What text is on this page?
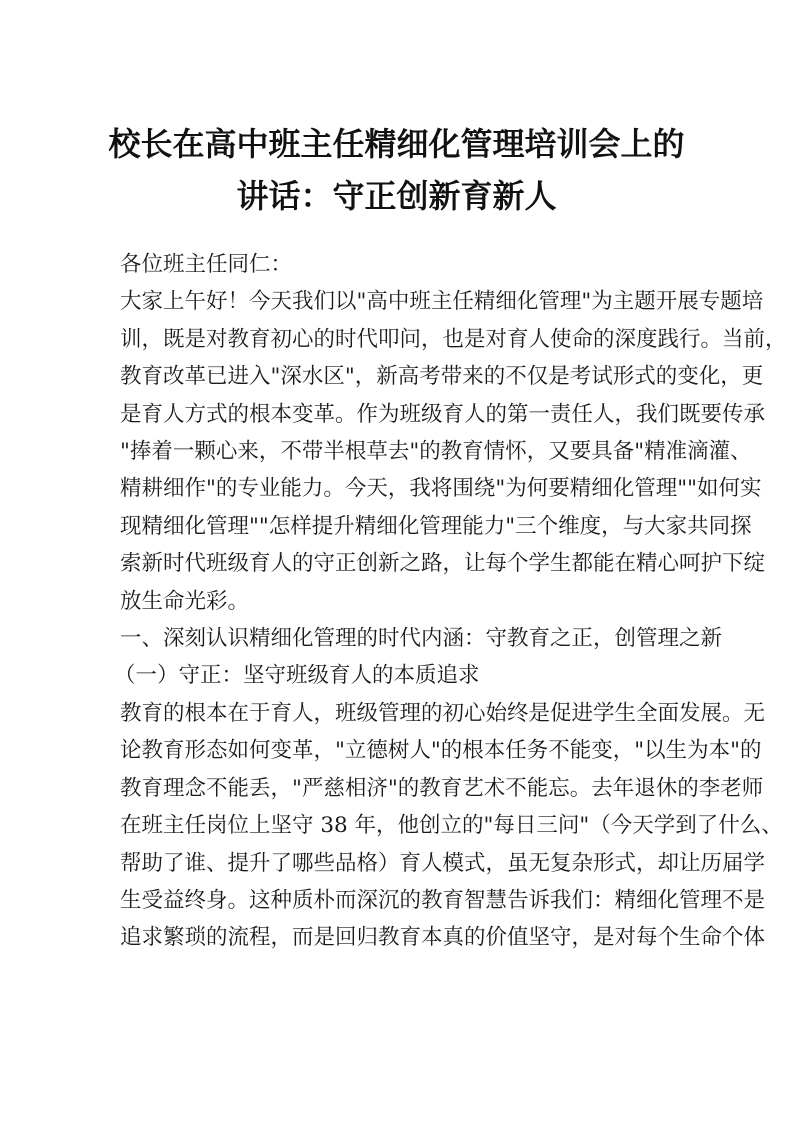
校长在高中班主任精细化管理培训会上的
讲话：守正创新育新人

各位班主任同仁：

大家上午好！今天我们以"高中班主任精细化管理"为主题开展专题培
训，既是对教育初心的时代叩问，也是对育人使命的深度践行。当前，
教育改革已进入"深水区"，新高考带来的不仅是考试形式的变化，更
是育人方式的根本变革。作为班级育人的第一责任人，我们既要传承
"捧着一颗心来，不带半根草去"的教育情怀，又要具备"精准滴灌、
精耕细作"的专业能力。今天，我将围绕"为何要精细化管理""如何实
现精细化管理""怎样提升精细化管理能力"三个维度，与大家共同探
索新时代班级育人的守正创新之路，让每个学生都能在精心呵护下绽
放生命光彩。

一、深刻认识精细化管理的时代内涵：守教育之正，创管理之新

（一）守正：坚守班级育人的本质追求

教育的根本在于育人，班级管理的初心始终是促进学生全面发展。无
论教育形态如何变革，"立德树人"的根本任务不能变，"以生为本"的
教育理念不能丢，"严慈相济"的教育艺术不能忘。去年退休的李老师
在班主任岗位上坚守 38 年，他创立的"每日三问"（今天学到了什么、
帮助了谁、提升了哪些品格）育人模式，虽无复杂形式，却让历届学
生受益终身。这种质朴而深沉的教育智慧告诉我们：精细化管理不是
追求繁琐的流程，而是回归教育本真的价值坚守，是对每个生命个体
